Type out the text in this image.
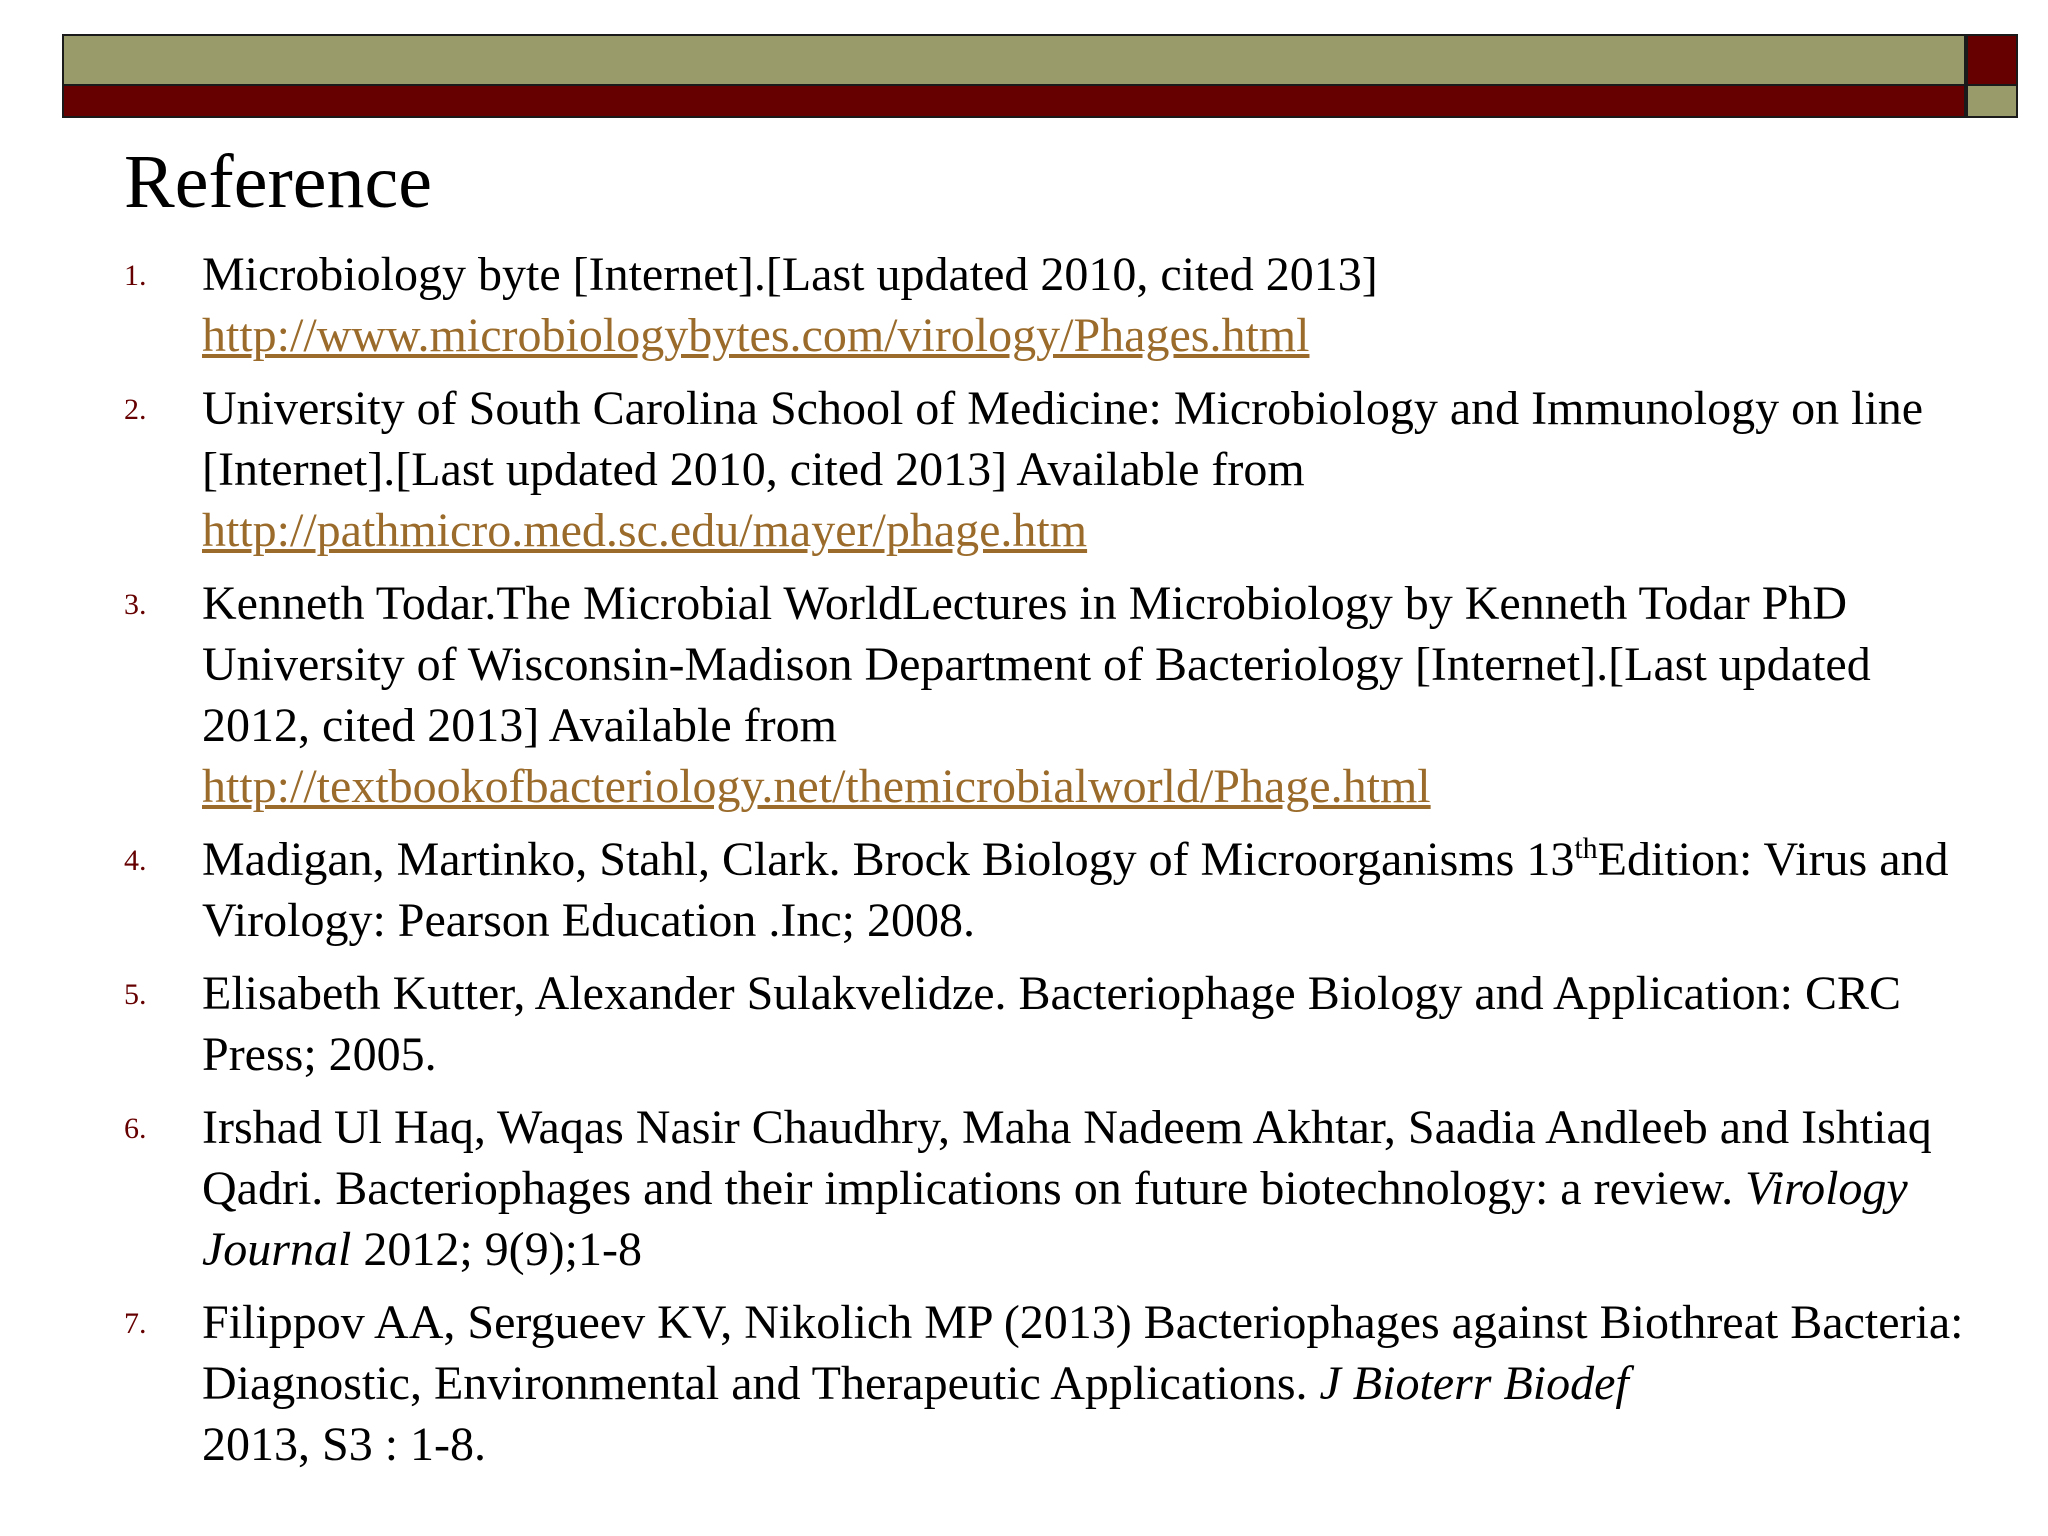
Reference
1.	Microbiology byte [Internet].[Last updated 2010, cited 2013]
http://www.microbiologybytes.com/virology/Phages.html
2.	University of South Carolina School of Medicine: Microbiology and Immunology on line [Internet].[Last updated 2010, cited 2013] Available from
http://pathmicro.med.sc.edu/mayer/phage.htm
3.	Kenneth Todar.The Microbial WorldLectures in Microbiology by Kenneth Todar PhD    University of Wisconsin-Madison Department of Bacteriology [Internet].[Last updated 2012, cited 2013] Available from
http://textbookofbacteriology.net/themicrobialworld/Phage.html
4.	Madigan, Martinko, Stahl, Clark. Brock Biology of Microorganisms 13thEdition: Virus and Virology: Pearson Education .Inc; 2008.
5.	Elisabeth Kutter, Alexander Sulakvelidze. Bacteriophage Biology and Application: CRC Press; 2005.
6.	Irshad Ul Haq, Waqas Nasir Chaudhry, Maha Nadeem Akhtar, Saadia Andleeb and Ishtiaq Qadri. Bacteriophages and their implications on future biotechnology: a review. Virology Journal 2012; 9(9);1-8
7.	Filippov AA, Sergueev KV, Nikolich MP (2013) Bacteriophages against Biothreat Bacteria: Diagnostic, Environmental and Therapeutic Applications. J Bioterr Biodef
2013, S3 : 1-8.
